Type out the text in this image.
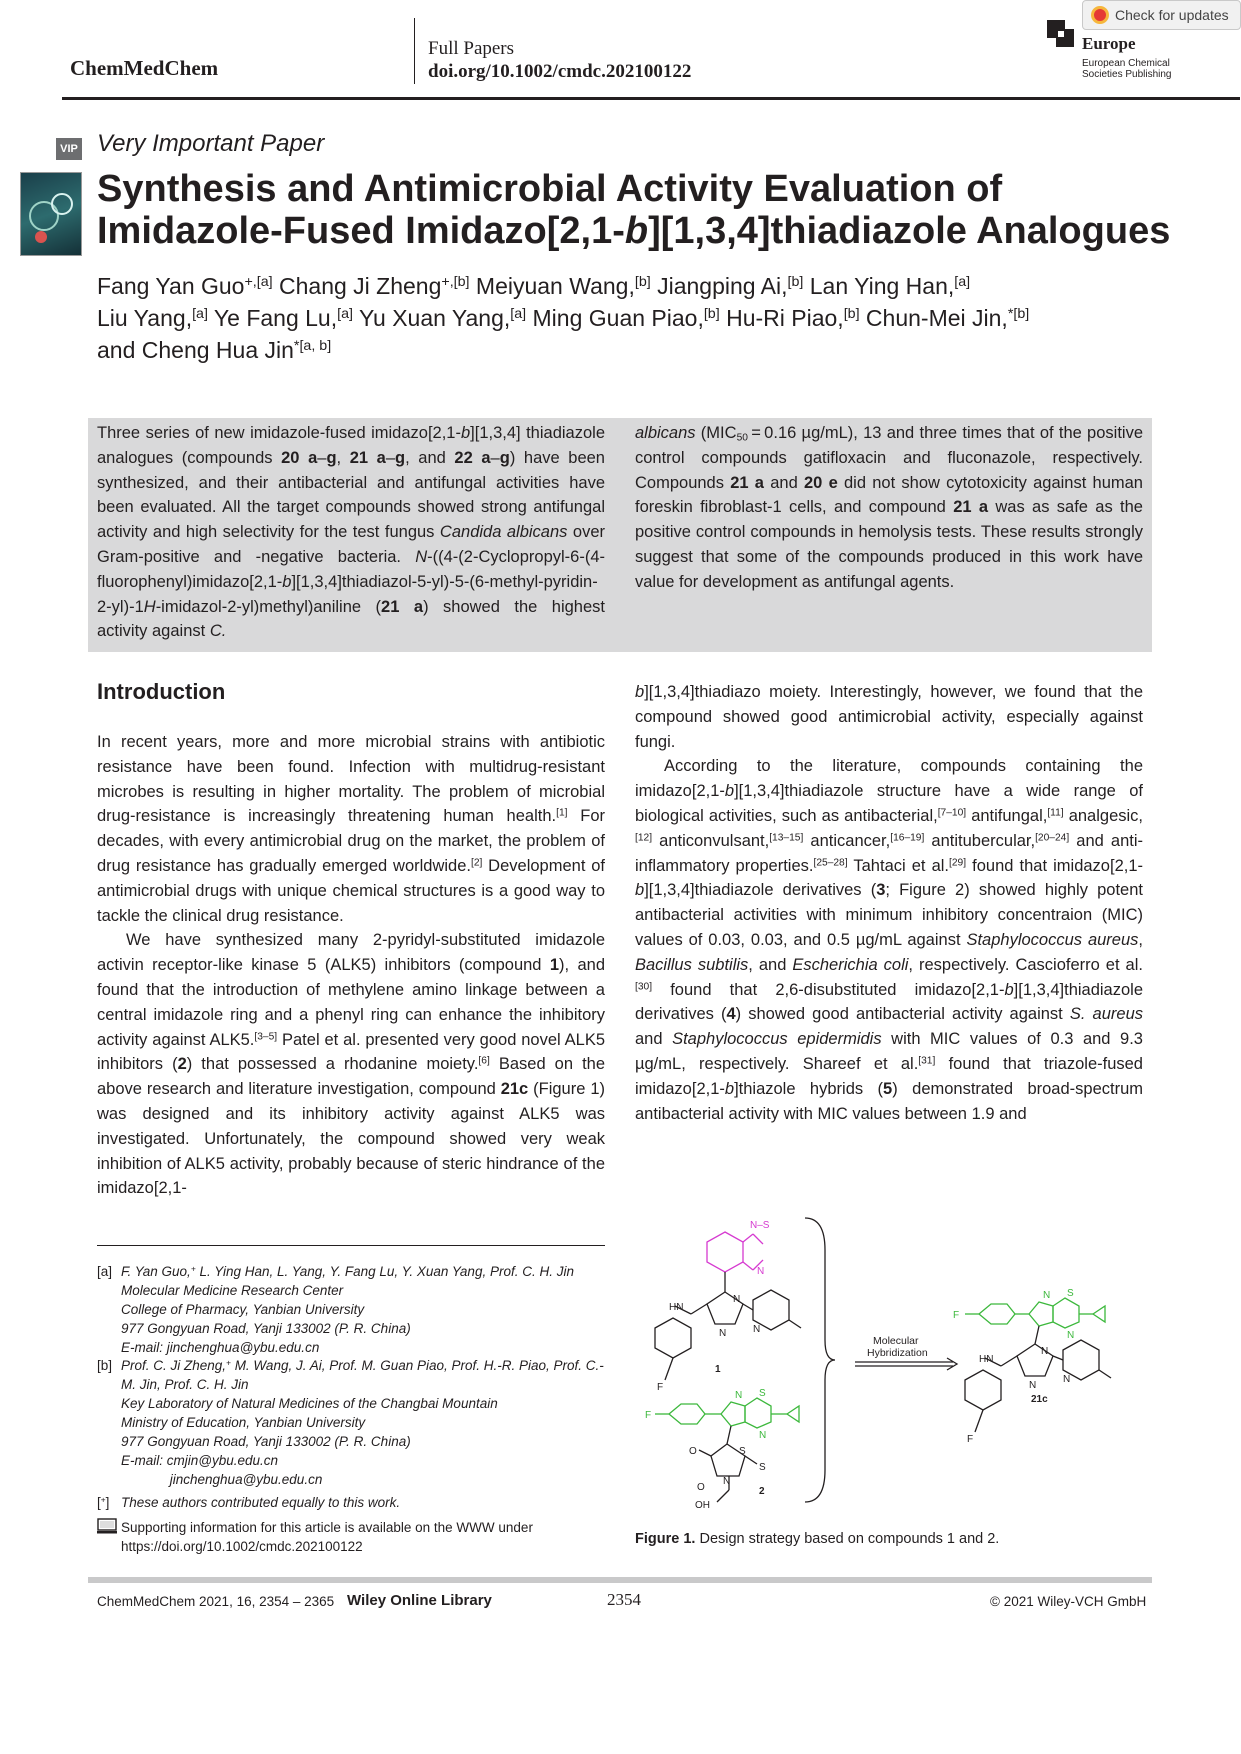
ChemMedChem
Full Papers
doi.org/10.1002/cmdc.202100122
Europe
European Chemical
Societies Publishing
Check for updates
VIP Very Important Paper
Synthesis and Antimicrobial Activity Evaluation of
Imidazole-Fused Imidazo[2,1-b][1,3,4]thiadiazole Analogues
Fang Yan Guo$^{+,[a]}$ Chang Ji Zheng$^{+,[b]}$ Meiyuan Wang,[b] Jiangping Ai,[b] Lan Ying Han,[a]
Liu Yang,[a] Ye Fang Lu,[a] Yu Xuan Yang,[a] Ming Guan Piao,[b] Hu-Ri Piao,[b] Chun-Mei Jin,$^{*[b]}$
and Cheng Hua Jin$^{*[a, b]}$
Three series of new imidazole-fused imidazo[2,1-b][1,3,4] thiadiazole analogues (compounds 20 a–g, 21 a–g, and 22 a–g) have been synthesized, and their antibacterial and antifungal activities have been evaluated. All the target compounds showed strong antifungal activity and high selectivity for the test fungus Candida albicans over Gram-positive and -negative bacteria. N-((4-(2-Cyclopropyl-6-(4-fluorophenyl)imidazo[2,1-b][1,3,4]thiadiazol-5-yl)-5-(6-methyl-pyridin-2-yl)-1H-imidazol-2-yl)methyl)aniline (21 a) showed the highest activity against C.
albicans ($MIC_{50} = 0.16$ µg/mL), 13 and three times that of the positive control compounds gatifloxacin and fluconazole, respectively. Compounds 21 a and 20 e did not show cytotoxicity against human foreskin fibroblast-1 cells, and compound 21 a was as safe as the positive control compounds in hemolysis tests. These results strongly suggest that some of the compounds produced in this work have value for development as antifungal agents.
Introduction

In recent years, more and more microbial strains with antibiotic resistance have been found. Infection with multidrug-resistant microbes is resulting in higher mortality. The problem of microbial drug-resistance is increasingly threatening human health.[1] For decades, with every antimicrobial drug on the market, the problem of drug resistance has gradually emerged worldwide.[2] Development of antimicrobial drugs with unique chemical structures is a good way to tackle the clinical drug resistance.

We have synthesized many 2-pyridyl-substituted imidazole activin receptor-like kinase 5 (ALK5) inhibitors (compound 1), and found that the introduction of methylene amino linkage between a central imidazole ring and a phenyl ring can enhance the inhibitory activity against ALK5.[3–5] Patel et al. presented very good novel ALK5 inhibitors (2) that possessed a rhodanine moiety.[6] Based on the above research and literature investigation, compound 21c (Figure 1) was designed and its inhibitory activity against ALK5 was investigated. Unfortunately, the compound showed very weak inhibition of ALK5 activity, probably because of steric hindrance of the imidazo[2,1-

b][1,3,4]thiadiazo moiety. Interestingly, however, we found that the compound showed good antimicrobial activity, especially against fungi.

According to the literature, compounds containing the imidazo[2,1-b][1,3,4]thiadiazole structure have a wide range of biological activities, such as antibacterial,[7–10] antifungal,[11] analgesic,[12] anticonvulsant,[13–15] anticancer,[16–19] antitubercular,[20–24] and anti-inflammatory properties.[25–28] Tahtaci et al.[29] found that imidazo[2,1-b][1,3,4]thiadiazole derivatives (3; Figure 2) showed highly potent antibacterial activities with minimum inhibitory concentraion (MIC) values of 0.03, 0.03, and 0.5 µg/mL against Staphylococcus aureus, Bacillus subtilis, and Escherichia coli, respectively. Cascioferro et al.[30] found that 2,6-disubstituted imidazo[2,1-b][1,3,4]thiadiazole derivatives (4) showed good antibacterial activity against S. aureus and Staphylococcus epidermidis with MIC values of 0.3 and 9.3 µg/mL, respectively. Shareef et al.[31] found that triazole-fused imidazo[2,1-b]thiazole hybrids (5) demonstrated broad-spectrum antibacterial activity with MIC values between 1.9 and

[a] F. Yan Guo,+ L. Ying Han, L. Yang, Y. Fang Lu, Y. Xuan Yang, Prof. C. H. Jin
Molecular Medicine Research Center
College of Pharmacy, Yanbian University
977 Gongyuan Road, Yanji 133002 (P. R. China)
E-mail: jinchenghua@ybu.edu.cn
[b] Prof. C. Ji Zheng,+ M. Wang, J. Ai, Prof. M. Guan Piao, Prof. H.-R. Piao, Prof. C.-M. Jin, Prof. C. H. Jin
Key Laboratory of Natural Medicines of the Changbai Mountain
Ministry of Education, Yanbian University
977 Gongyuan Road, Yanji 133002 (P. R. China)
E-mail: cmjin@ybu.edu.cn
jinchenghua@ybu.edu.cn
[+] These authors contributed equally to this work.
Supporting information for this article is available on the WWW under https://doi.org/10.1002/cmdc.202100122
N–S
N
HN
N
N
N
F
1
F
N S
N
O
S
S
N
O
OH
2
Molecular
Hybridization
F
N S
N
HN
N
N
N
F
21c
Figure 1. Design strategy based on compounds 1 and 2.
ChemMedChem 2021, 16, 2354 – 2365 Wiley Online Library	2354	© 2021 Wiley-VCH GmbH
